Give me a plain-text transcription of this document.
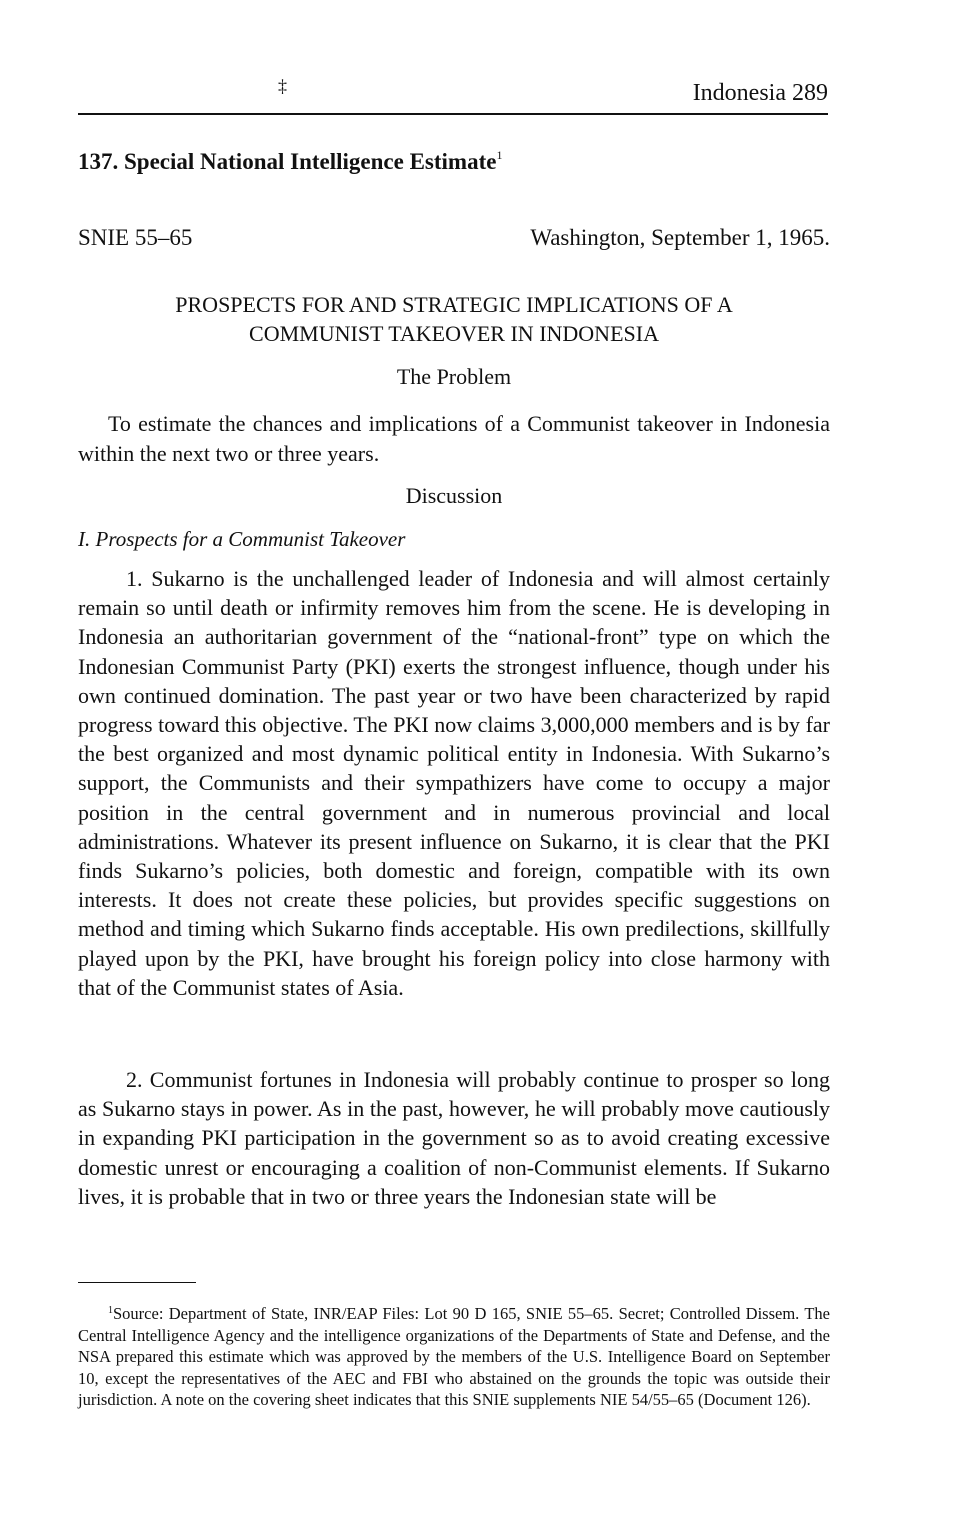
‡	Indonesia 289
137. Special National Intelligence Estimate$^1$
SNIE 55–65	Washington, September 1, 1965.
PROSPECTS FOR AND STRATEGIC IMPLICATIONS OF A
COMMUNIST TAKEOVER IN INDONESIA
The Problem

To estimate the chances and implications of a Communist takeover in Indonesia within the next two or three years.

Discussion
I. Prospects for a Communist Takeover

1. Sukarno is the unchallenged leader of Indonesia and will almost certainly remain so until death or infirmity removes him from the scene. He is developing in Indonesia an authoritarian government of the “national-front” type on which the Indonesian Communist Party (PKI) exerts the strongest influence, though under his own continued domination. The past year or two have been characterized by rapid progress toward this objective. The PKI now claims 3,000,000 members and is by far the best organized and most dynamic political entity in Indonesia. With Sukarno’s support, the Communists and their sympathizers have come to occupy a major position in the central government and in numerous provincial and local administrations. Whatever its present influence on Sukarno, it is clear that the PKI finds Sukarno’s policies, both domestic and foreign, compatible with its own interests. It does not create these policies, but provides specific suggestions on method and timing which Sukarno finds acceptable. His own predilections, skillfully played upon by the PKI, have brought his foreign policy into close harmony with that of the Communist states of Asia.

2. Communist fortunes in Indonesia will probably continue to prosper so long as Sukarno stays in power. As in the past, however, he will probably move cautiously in expanding PKI participation in the government so as to avoid creating excessive domestic unrest or encouraging a coalition of non-Communist elements. If Sukarno lives, it is probable that in two or three years the Indonesian state will be

$^1$Source: Department of State, INR/EAP Files: Lot 90 D 165, SNIE 55–65. Secret; Controlled Dissem. The Central Intelligence Agency and the intelligence organizations of the Departments of State and Defense, and the NSA prepared this estimate which was approved by the members of the U.S. Intelligence Board on September 10, except the representatives of the AEC and FBI who abstained on the grounds the topic was outside their jurisdiction. A note on the covering sheet indicates that this SNIE supplements NIE 54/55–65 (Document 126).
